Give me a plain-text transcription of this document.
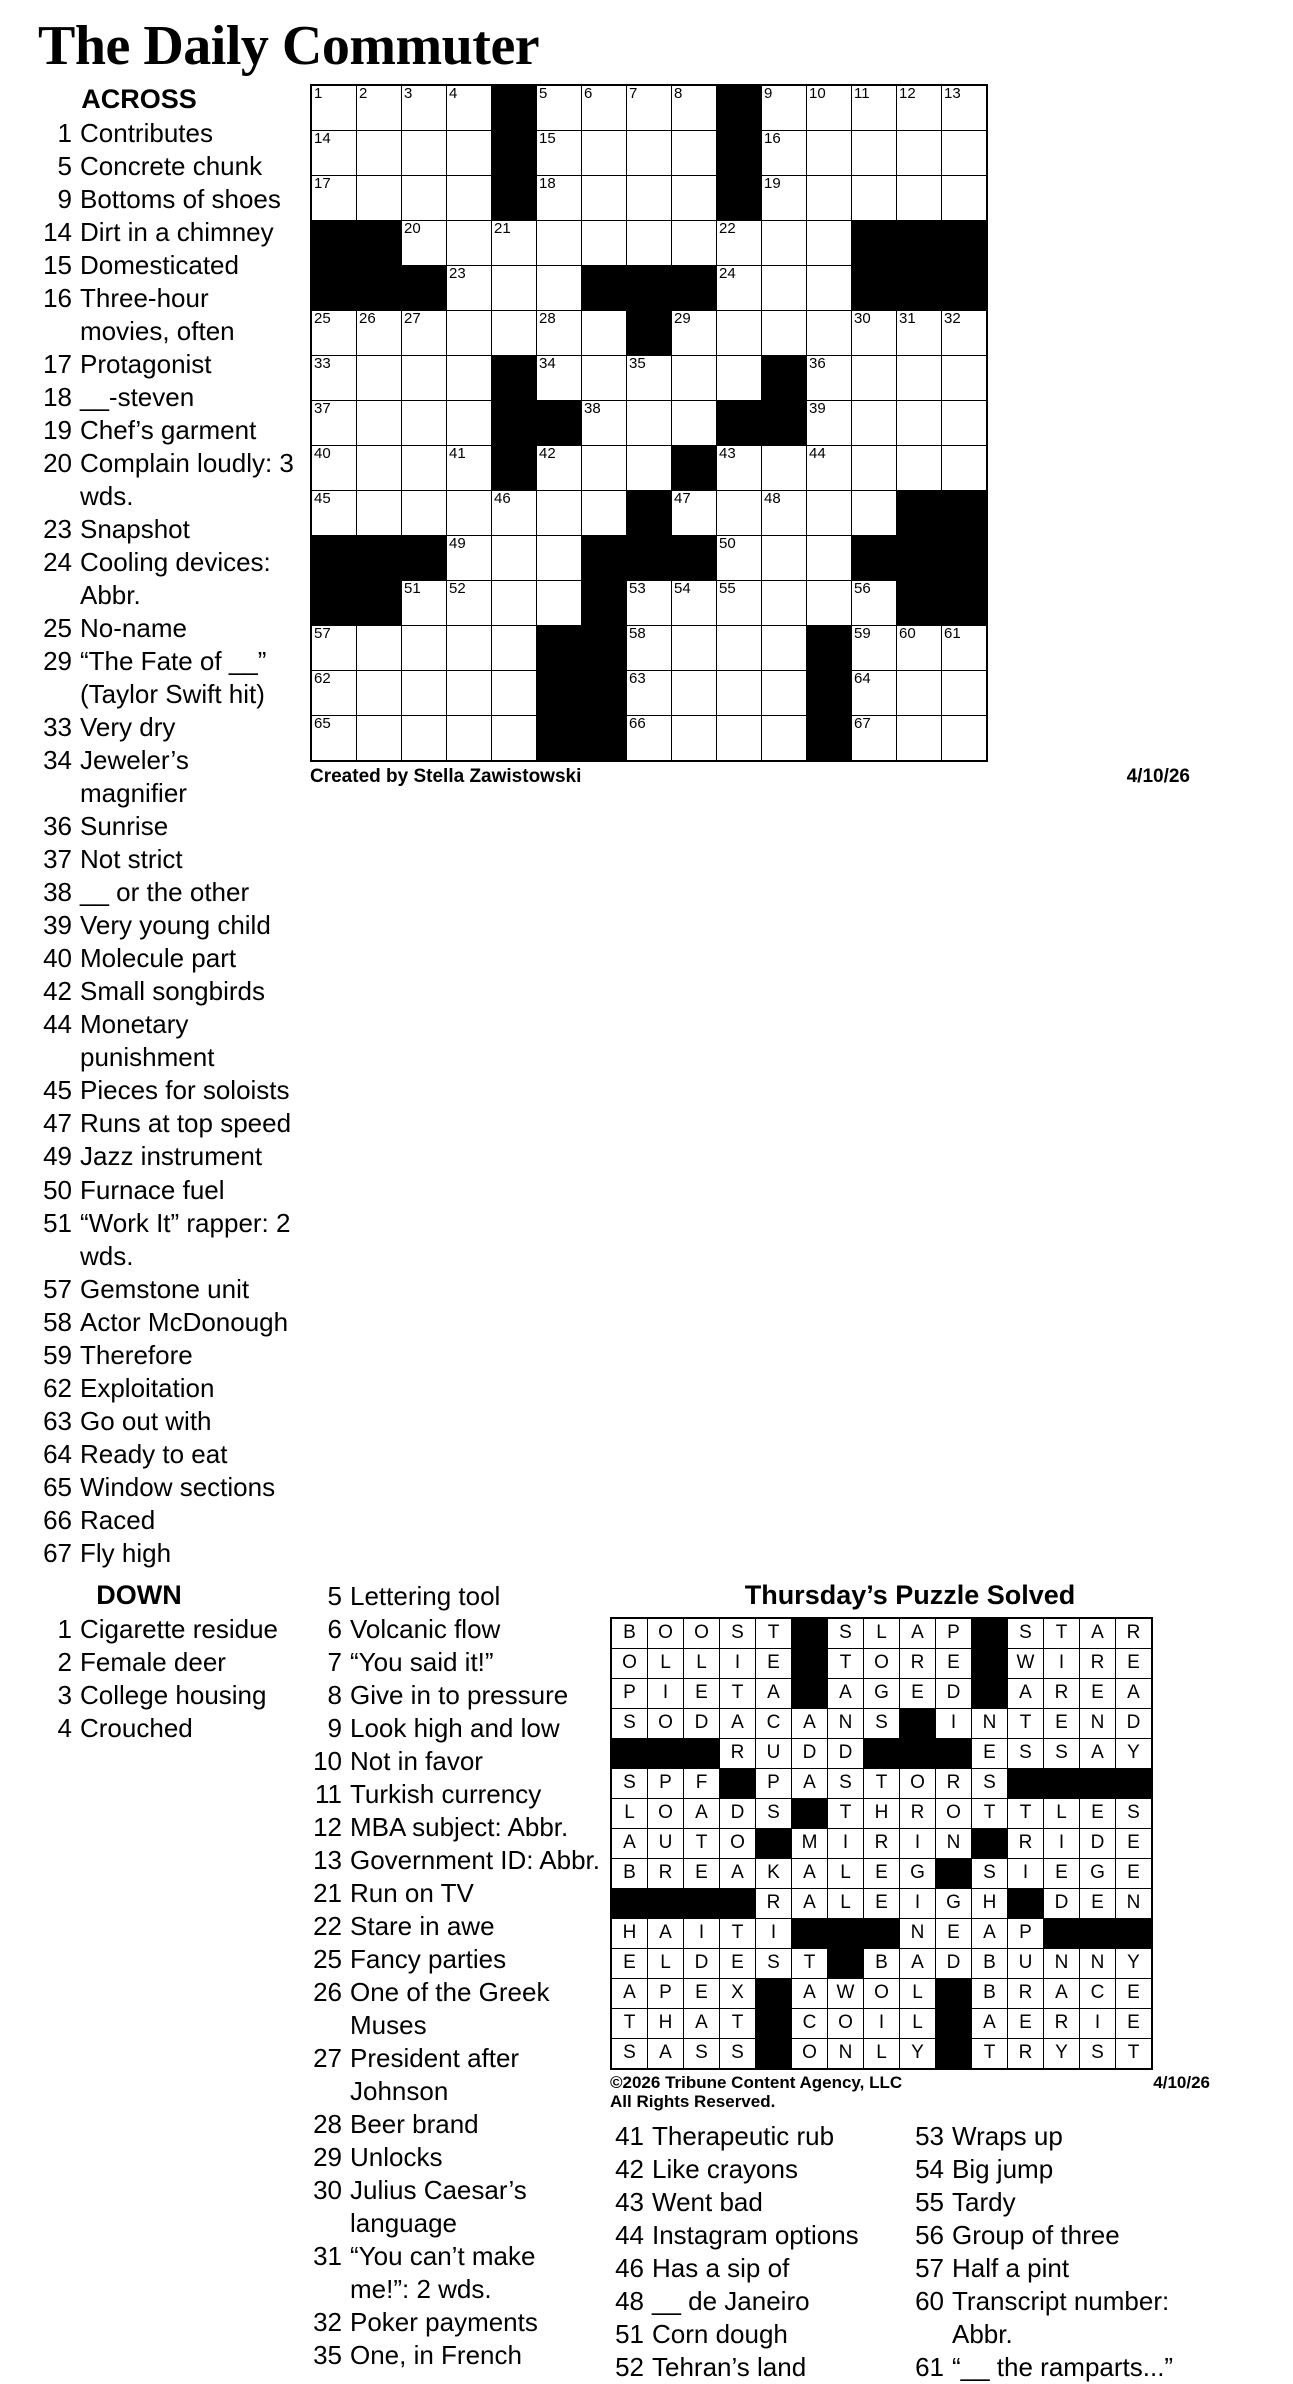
The Daily Commuter
ACROSS
1 Contributes
5 Concrete chunk
9 Bottoms of shoes
14 Dirt in a chimney
15 Domesticated
16 Three-hour movies, often
17 Protagonist
18 __-steven
19 Chef’s garment
20 Complain loudly: 3 wds.
23 Snapshot
24 Cooling devices: Abbr.
25 No-name
29 “The Fate of __” (Taylor Swift hit)
33 Very dry
34 Jeweler’s magnifier
36 Sunrise
37 Not strict
38 __ or the other
39 Very young child
40 Molecule part
42 Small songbirds
44 Monetary punishment
45 Pieces for soloists
47 Runs at top speed
49 Jazz instrument
50 Furnace fuel
51 “Work It” rapper: 2 wds.
57 Gemstone unit
58 Actor McDonough
59 Therefore
62 Exploitation
63 Go out with
64 Ready to eat
65 Window sections
66 Raced
67 Fly high
1	2	3	4		5	6	7	8		9	10	11	12	13

14					15					16				

17					18					19				

		20		21					22					

			23						24					

25	26	27			28			29				30	31	32

33					34		35				36			

37						38					39			

40			41		42				43		44			

45				46				47		48				

			49						50					

		51	52				53	54	55			56		

57							58					59	60	61

62							63					64		

65							66					67		

Created by Stella Zawistowski	4/10/26
DOWN
1 Cigarette residue
2 Female deer
3 College housing
4 Crouched
5 Lettering tool
6 Volcanic flow
7 “You said it!”
8 Give in to pressure
9 Look high and low
10 Not in favor
11 Turkish currency
12 MBA subject: Abbr.
13 Government ID: Abbr.
21 Run on TV
22 Stare in awe
25 Fancy parties
26 One of the Greek Muses
27 President after Johnson
28 Beer brand
29 Unlocks
30 Julius Caesar’s language
31 “You can’t make me!”: 2 wds.
32 Poker payments
35 One, in French
Thursday’s Puzzle Solved
B	O	O	S	T		S	L	A	P		S	T	A	R
O	L	L	I	E		T	O	R	E		W	I	R	E
P	I	E	T	A		A	G	E	D		A	R	E	A
S	O	D	A	C	A	N	S		I	N	T	E	N	D
			R	U	D	D				E	S	S	A	Y
S	P	F		P	A	S	T	O	R	S				
L	O	A	D	S		T	H	R	O	T	T	L	E	S
A	U	T	O		M	I	R	I	N		R	I	D	E
B	R	E	A	K	A	L	E	G		S	I	E	G	E
				R	A	L	E	I	G	H		D	E	N
H	A	I	T	I				N	E	A	P			
E	L	D	E	S	T		B	A	D	B	U	N	N	Y
A	P	E	X		A	W	O	L		B	R	A	C	E
T	H	A	T		C	O	I	L		A	E	R	I	E
S	A	S	S		O	N	L	Y		T	R	Y	S	T
©2026 Tribune Content Agency, LLC
All Rights Reserved.
4/10/26
41 Therapeutic rub
42 Like crayons
43 Went bad
44 Instagram options
46 Has a sip of
48 __ de Janeiro
51 Corn dough
52 Tehran’s land
53 Wraps up
54 Big jump
55 Tardy
56 Group of three
57 Half a pint
60 Transcript number: Abbr.
61 “__ the ramparts...”
